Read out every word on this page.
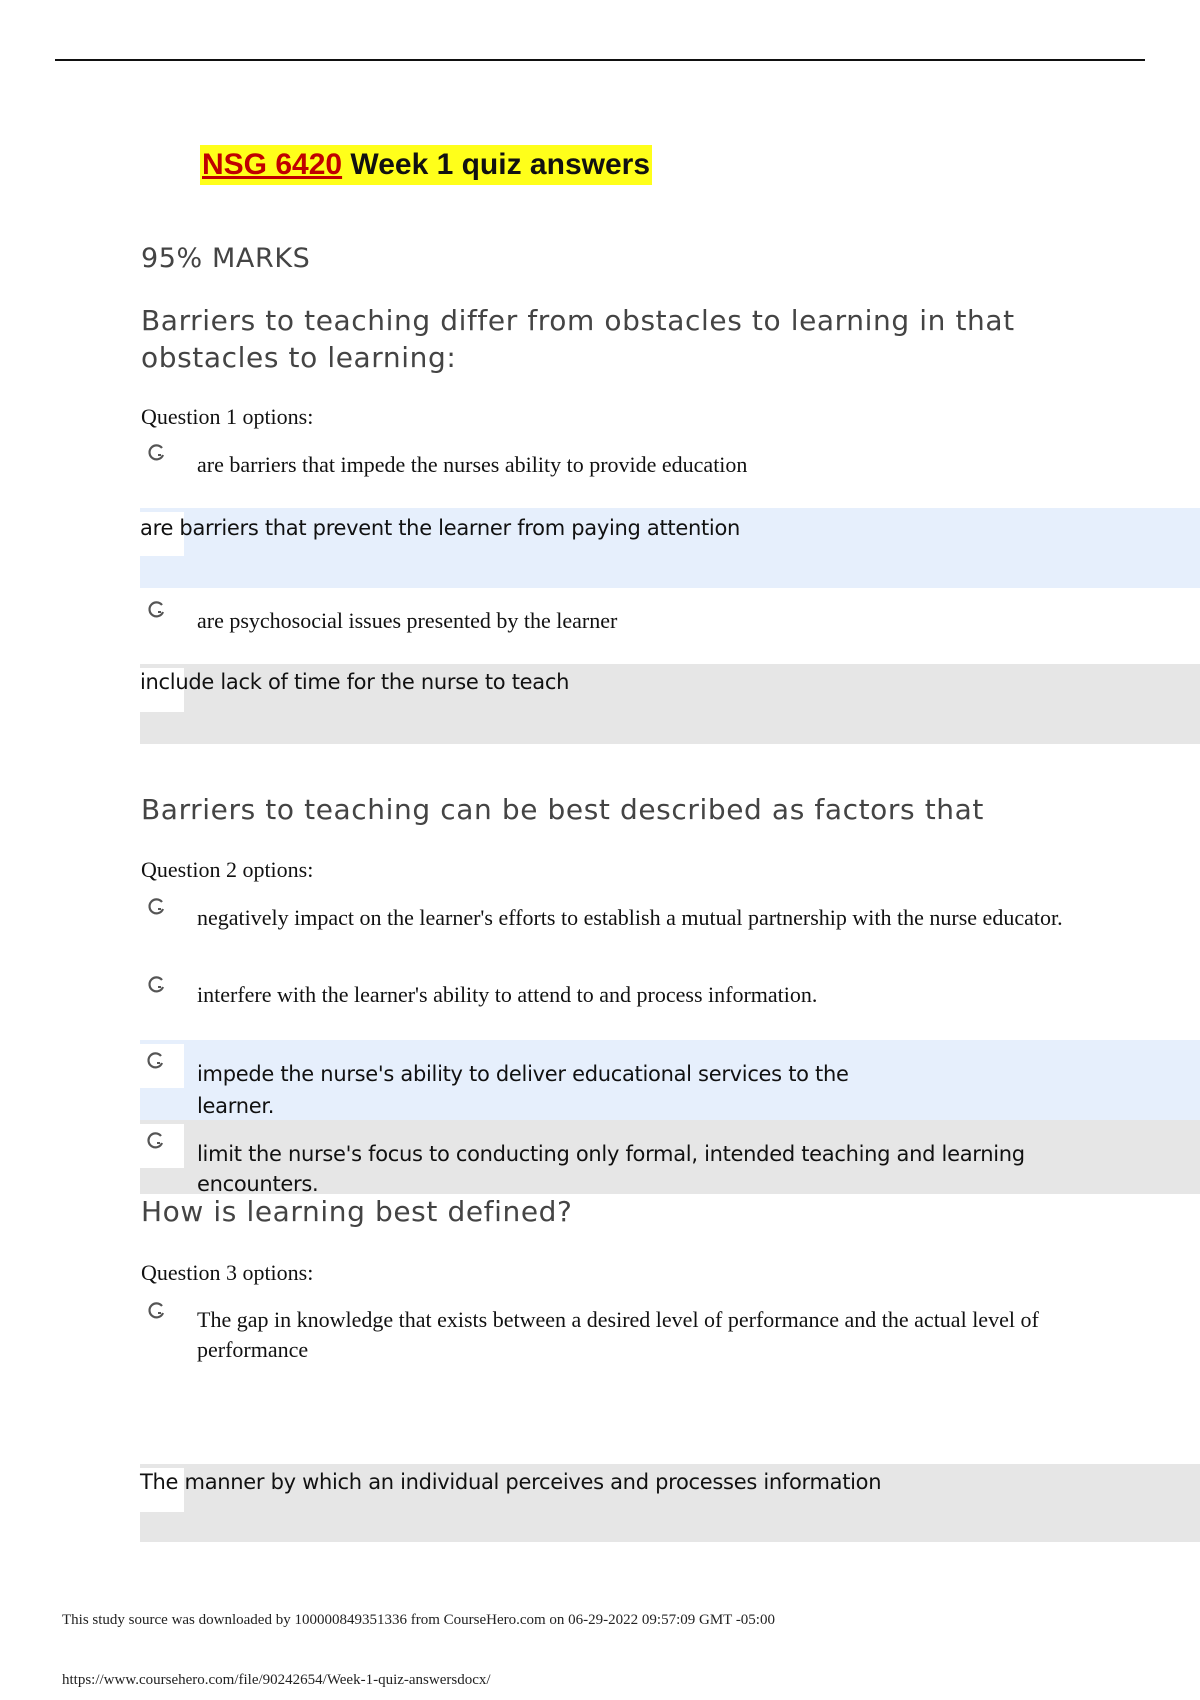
NSG 6420 Week 1 quiz answers
95% MARKS
Barriers to teaching differ from obstacles to learning in that
obstacles to learning:
Question 1 options:
are barriers that impede the nurses ability to provide education
are barriers that prevent the learner from paying attention
are psychosocial issues presented by the learner
include lack of time for the nurse to teach
Barriers to teaching can be best described as factors that
Question 2 options:
negatively impact on the learner's efforts to establish a mutual partnership with the nurse educator.
interfere with the learner's ability to attend to and process information.
impede the nurse's ability to deliver educational services to the
learner.
limit the nurse's focus to conducting only formal, intended teaching and learning
encounters.
How is learning best defined?
Question 3 options:
The gap in knowledge that exists between a desired level of performance and the actual level of
performance
The manner by which an individual perceives and processes information
This study source was downloaded by 100000849351336 from CourseHero.com on 06-29-2022 09:57:09 GMT -05:00
https://www.coursehero.com/file/90242654/Week-1-quiz-answersdocx/
